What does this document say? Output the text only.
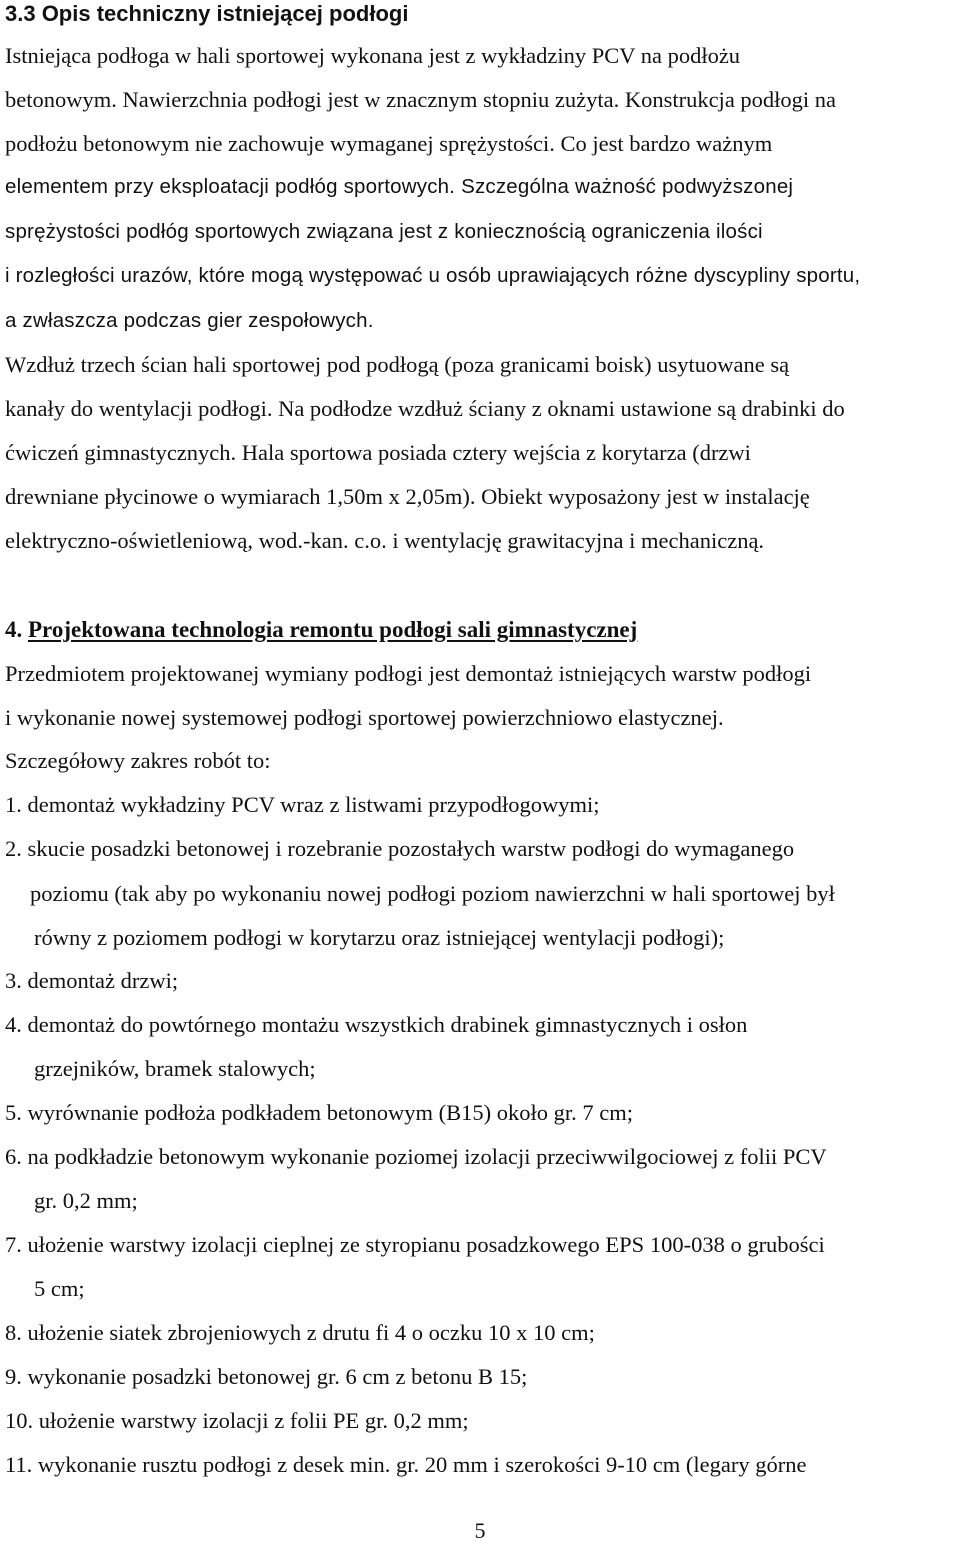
3.3 Opis techniczny istniejącej podłogi

Istniejąca podłoga w hali sportowej wykonana jest z wykładziny PCV na podłożu

betonowym. Nawierzchnia podłogi jest w znacznym stopniu zużyta. Konstrukcja podłogi na

podłożu betonowym nie zachowuje wymaganej sprężystości. Co jest bardzo ważnym

elementem przy eksploatacji podłóg sportowych. Szczególna ważność podwyższonej

sprężystości podłóg sportowych związana jest z koniecznością ograniczenia ilości

i rozległości urazów, które mogą występować u osób uprawiających różne dyscypliny sportu,

a zwłaszcza podczas gier zespołowych.

Wzdłuż trzech ścian hali sportowej pod podłogą (poza granicami boisk) usytuowane są

kanały do wentylacji podłogi. Na podłodze wzdłuż ściany z oknami ustawione są drabinki do

ćwiczeń gimnastycznych. Hala sportowa posiada cztery wejścia z korytarza (drzwi

drewniane płycinowe o wymiarach 1,50m x 2,05m). Obiekt wyposażony jest w instalację

elektryczno-oświetleniową, wod.-kan. c.o. i wentylację grawitacyjna i mechaniczną.

4. Projektowana technologia remontu podłogi sali gimnastycznej

Przedmiotem projektowanej wymiany podłogi jest demontaż istniejących warstw podłogi

i wykonanie nowej systemowej podłogi sportowej powierzchniowo elastycznej.

Szczegółowy zakres robót to:

1. demontaż wykładziny PCV wraz z listwami przypodłogowymi;

2. skucie posadzki betonowej i rozebranie pozostałych warstw podłogi do wymaganego

poziomu (tak aby po wykonaniu nowej podłogi poziom nawierzchni w hali sportowej był

równy z poziomem podłogi w korytarzu oraz istniejącej wentylacji podłogi);

3. demontaż drzwi;

4. demontaż do powtórnego montażu wszystkich drabinek gimnastycznych i osłon

grzejników, bramek stalowych;

5. wyrównanie podłoża podkładem betonowym (B15) około gr. 7 cm;

6. na podkładzie betonowym wykonanie poziomej izolacji przeciwwilgociowej z folii PCV

gr. 0,2 mm;

7. ułożenie warstwy izolacji cieplnej ze styropianu posadzkowego EPS 100-038 o grubości

5 cm;

8. ułożenie siatek zbrojeniowych z drutu fi 4 o oczku 10 x 10 cm;

9. wykonanie posadzki betonowej gr. 6 cm z betonu B 15;

10. ułożenie warstwy izolacji z folii PE gr. 0,2 mm;

11. wykonanie rusztu podłogi z desek min. gr. 20 mm i szerokości 9-10 cm (legary górne

5
